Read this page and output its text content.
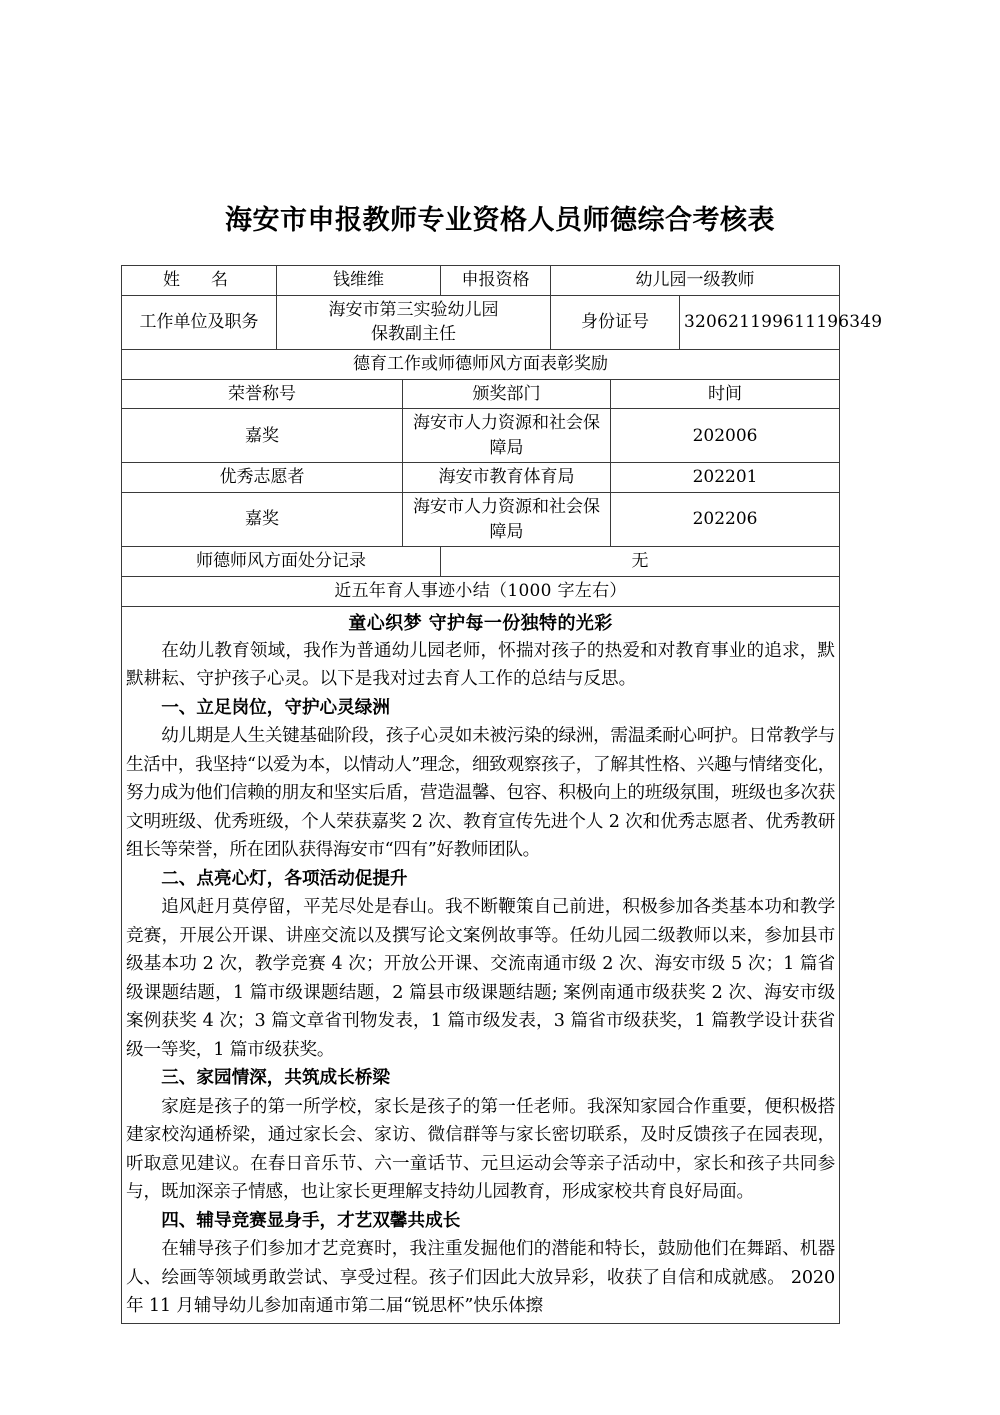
海安市申报教师专业资格人员师德综合考核表
姓　名	钱维维		申报资格	幼儿园一级教师		
工作单位及职务	海安市第三实验幼儿园
保教副主任			身份证号		320621199611196349
德育工作或师德师风方面表彰奖励						
荣誉称号		颁奖部门			时间	
嘉奖		海安市人力资源和社会保障局			202006	
优秀志愿者		海安市教育体育局			202201	
嘉奖		海安市人力资源和社会保障局			202206	
师德师风方面处分记录			无			
近五年育人事迹小结（1000 字左右）						

童心织梦 守护每一份独特的光彩

在幼儿教育领域，我作为普通幼儿园老师，怀揣对孩子的热爱和对教育事业的追求，默默耕耘、守护孩子心灵。以下是我对过去育人工作的总结与反思。

一、立足岗位，守护心灵绿洲

幼儿期是人生关键基础阶段，孩子心灵如未被污染的绿洲，需温柔耐心呵护。日常教学与生活中，我坚持“以爱为本，以情动人”理念，细致观察孩子，了解其性格、兴趣与情绪变化，努力成为他们信赖的朋友和坚实后盾，营造温馨、包容、积极向上的班级氛围，班级也多次获文明班级、优秀班级，个人荣获嘉奖 2 次、教育宣传先进个人 2 次和优秀志愿者、优秀教研组长等荣誉，所在团队获得海安市“四有”好教师团队。

二、点亮心灯，各项活动促提升

追风赶月莫停留，平芜尽处是春山。我不断鞭策自己前进，积极参加各类基本功和教学竞赛，开展公开课、讲座交流以及撰写论文案例故事等。任幼儿园二级教师以来，参加县市级基本功 2 次，教学竞赛 4 次；开放公开课、交流南通市级 2 次、海安市级 5 次；1 篇省级课题结题，1 篇市级课题结题，2 篇县市级课题结题; 案例南通市级获奖 2 次、海安市级案例获奖 4 次；3 篇文章省刊物发表，1 篇市级发表，3 篇省市级获奖，1 篇教学设计获省级一等奖，1 篇市级获奖。

三、家园情深，共筑成长桥梁

家庭是孩子的第一所学校，家长是孩子的第一任老师。我深知家园合作重要，便积极搭建家校沟通桥梁，通过家长会、家访、微信群等与家长密切联系，及时反馈孩子在园表现，听取意见建议。在春日音乐节、六一童话节、元旦运动会等亲子活动中，家长和孩子共同参与，既加深亲子情感，也让家长更理解支持幼儿园教育，形成家校共育良好局面。

四、辅导竞赛显身手，才艺双馨共成长

在辅导孩子们参加才艺竞赛时，我注重发掘他们的潜能和特长，鼓励他们在舞蹈、机器人、绘画等领域勇敢尝试、享受过程。孩子们因此大放异彩，收获了自信和成就感。 2020 年 11 月辅导幼儿参加南通市第二届“锐思杯”快乐体擦
